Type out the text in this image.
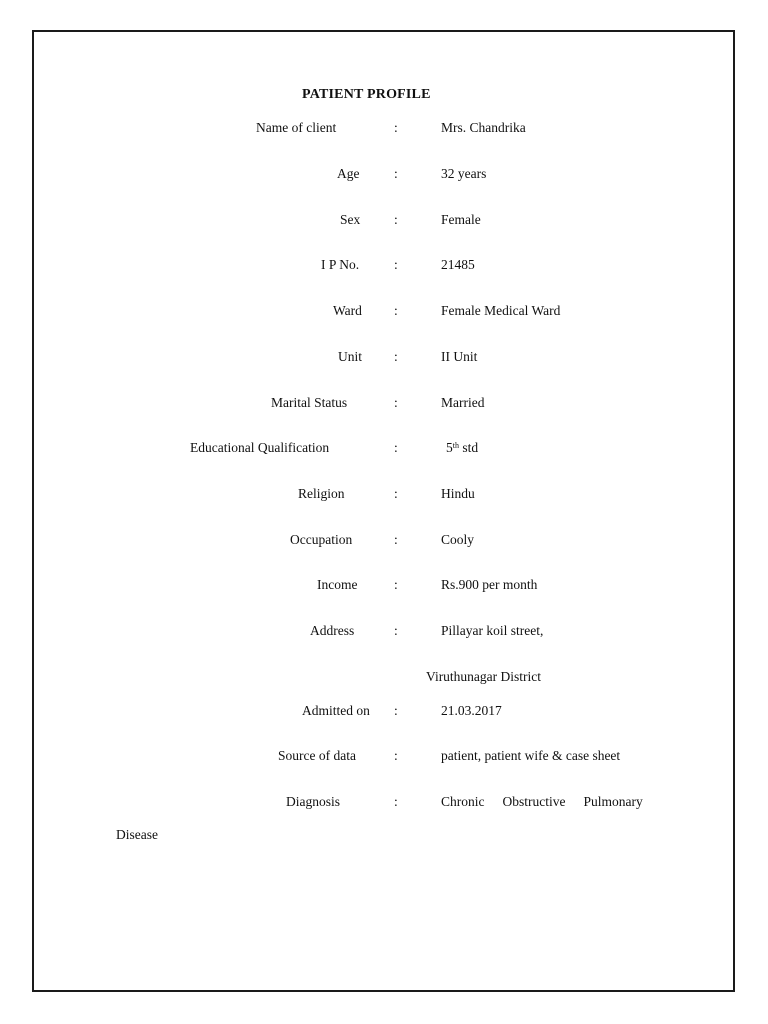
PATIENT PROFILE
Name of client	:	Mrs. Chandrika
Age	:	32 years
Sex	:	Female
I P No.	:	21485
Ward :	Female Medical Ward
Unit :	II Unit
Marital Status	:	Married
Educational Qualification	:	5th std
Religion	:	Hindu
Occupation	:	Cooly
Income	:	Rs.900 per month
Address	:	Pillayar koil street,
Viruthunagar District
Admitted on :	21.03.2017
Source of data	:	patient, patient wife & case sheet
Diagnosis	:	Chronic Obstructive Pulmonary
Disease
